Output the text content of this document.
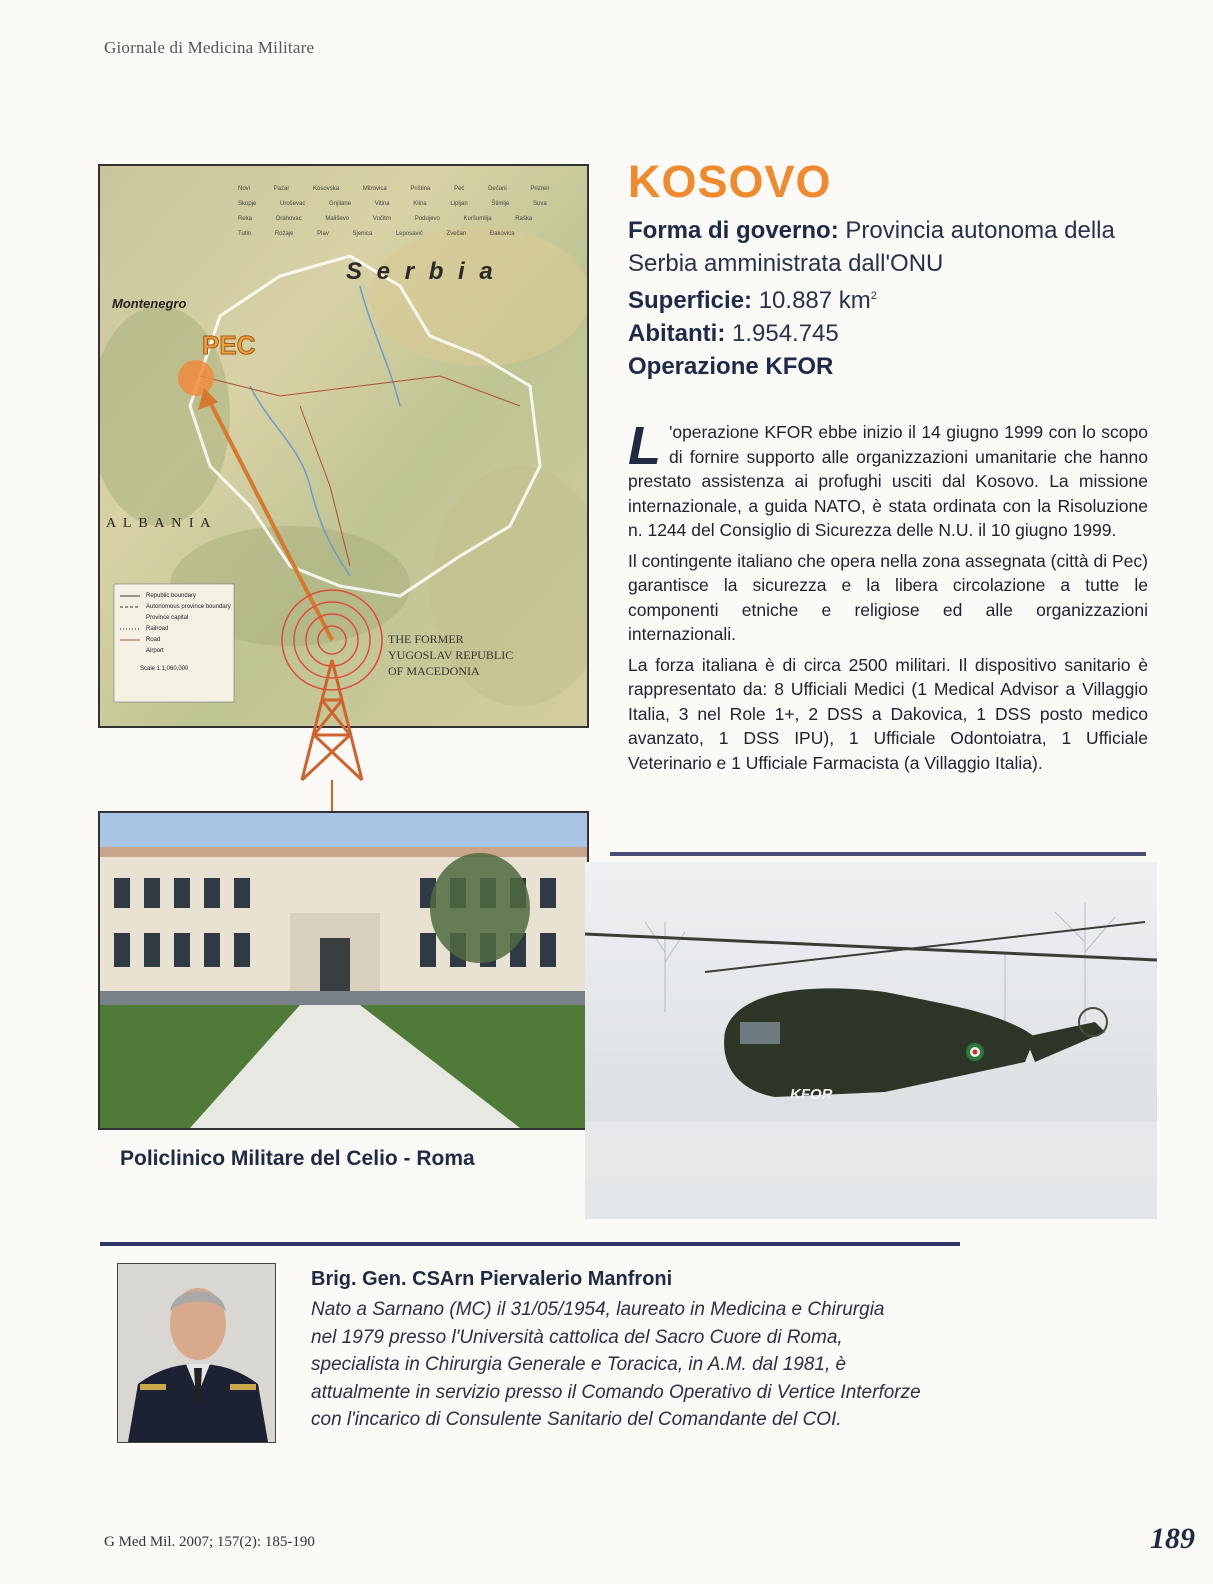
Giornale di Medicina Militare
S e r b i a
Montenegro
PEC
A L B A N I A
THE FORMER
YUGOSLAV REPUBLIC
OF MACEDONIA
Novi Pazar Kosovska Mitrovica Priština Peć Dečani Prizren Skopje Uroševac Gnjilane Vitina Klina Lipljan Štimlje Suva Reka Orahovac Mališevo Vučitrn Podujevo Kuršumlija Raška Tutin Rožaje Plav Sjenica Leposavić Zvečan Đakovica
Republic boundary
Autonomous province boundary
Province capital
Railroad
Road
Airport
Scale 1:1,060,000
KFOR
Policlinico Militare del Celio - Roma
KOSOVO
Forma di governo: Provincia autonoma della
Serbia amministrata dall'ONU
Superficie: 10.887 $km^2$
Abitanti: 1.954.745
Operazione KFOR

L 'operazione KFOR ebbe inizio il 14 giugno 1999 con lo scopo di fornire supporto alle organizzazioni umanitarie che hanno prestato assistenza ai profughi usciti dal Kosovo. La missione internazionale, a guida NATO, è stata ordinata con la Risoluzione n. 1244 del Consiglio di Sicurezza delle N.U. il 10 giugno 1999.

Il contingente italiano che opera nella zona assegnata (città di Pec) garantisce la sicurezza e la libera circolazione a tutte le componenti etniche e religiose ed alle organizzazioni internazionali.

La forza italiana è di circa 2500 militari. Il dispositivo sanitario è rappresentato da: 8 Ufficiali Medici (1 Medical Advisor a Villaggio Italia, 3 nel Role 1+, 2 DSS a Dakovica, 1 DSS posto medico avanzato, 1 DSS IPU), 1 Ufficiale Odontoiatra, 1 Ufficiale Veterinario e 1 Ufficiale Farmacista (a Villaggio Italia).

Brig. Gen. CSArn Piervalerio Manfroni
Nato a Sarnano (MC) il 31/05/1954, laureato in Medicina e Chirurgia
nel 1979 presso l'Università cattolica del Sacro Cuore di Roma,
specialista in Chirurgia Generale e Toracica, in A.M. dal 1981, è
attualmente in servizio presso il Comando Operativo di Vertice Interforze
con l'incarico di Consulente Sanitario del Comandante del COI.
G Med Mil. 2007; 157(2): 185-190	189
